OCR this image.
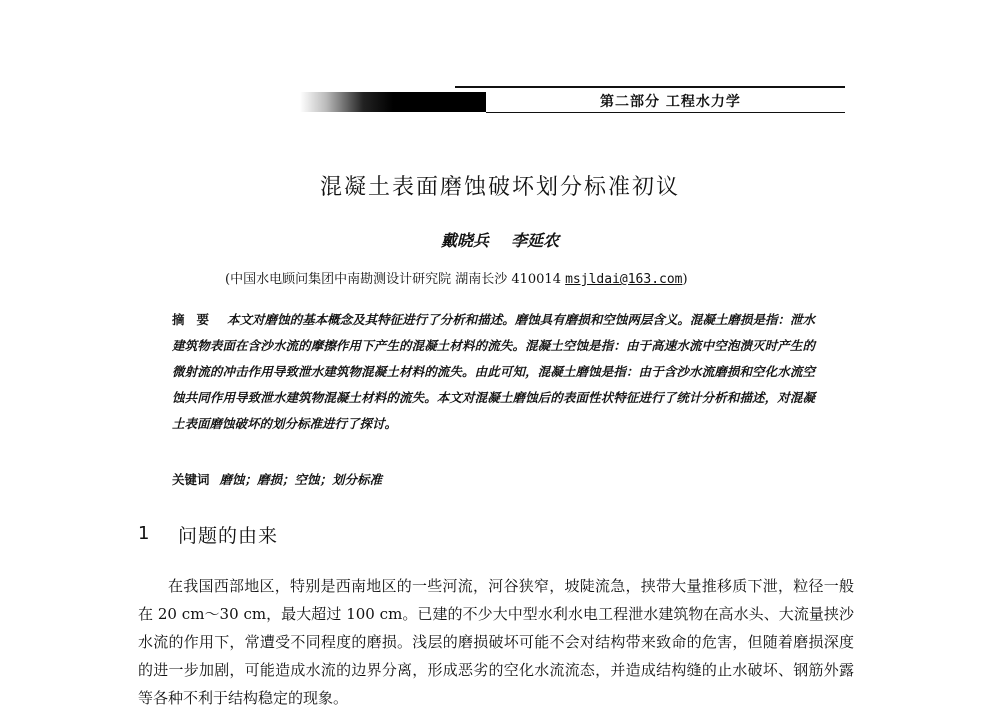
第二部分 工程水力学
混凝土表面磨蚀破坏划分标准初议
戴晓兵    李延农
(中国水电顾问集团中南勘测设计研究院 湖南长沙 410014 msjldai@163.com)
摘要 本文对磨蚀的基本概念及其特征进行了分析和描述。磨蚀具有磨损和空蚀两层含义。混凝土磨损是指：泄水建筑物表面在含沙水流的摩擦作用下产生的混凝土材料的流失。混凝土空蚀是指：由于高速水流中空泡溃灭时产生的微射流的冲击作用导致泄水建筑物混凝土材料的流失。由此可知，混凝土磨蚀是指：由于含沙水流磨损和空化水流空蚀共同作用导致泄水建筑物混凝土材料的流失。本文对混凝土磨蚀后的表面性状特征进行了统计分析和描述，对混凝土表面磨蚀破坏的划分标准进行了探讨。
关键词 磨蚀；磨损；空蚀；划分标准
1 问题的由来
在我国西部地区，特别是西南地区的一些河流，河谷狭窄，坡陡流急，挟带大量推移质下泄，粒径一般在 20 cm～30 cm，最大超过 100 cm。已建的不少大中型水利水电工程泄水建筑物在高水头、大流量挟沙水流的作用下，常遭受不同程度的磨损。浅层的磨损破坏可能不会对结构带来致命的危害，但随着磨损深度的进一步加剧，可能造成水流的边界分离，形成恶劣的空化水流流态，并造成结构缝的止水破坏、钢筋外露等各种不利于结构稳定的现象。
